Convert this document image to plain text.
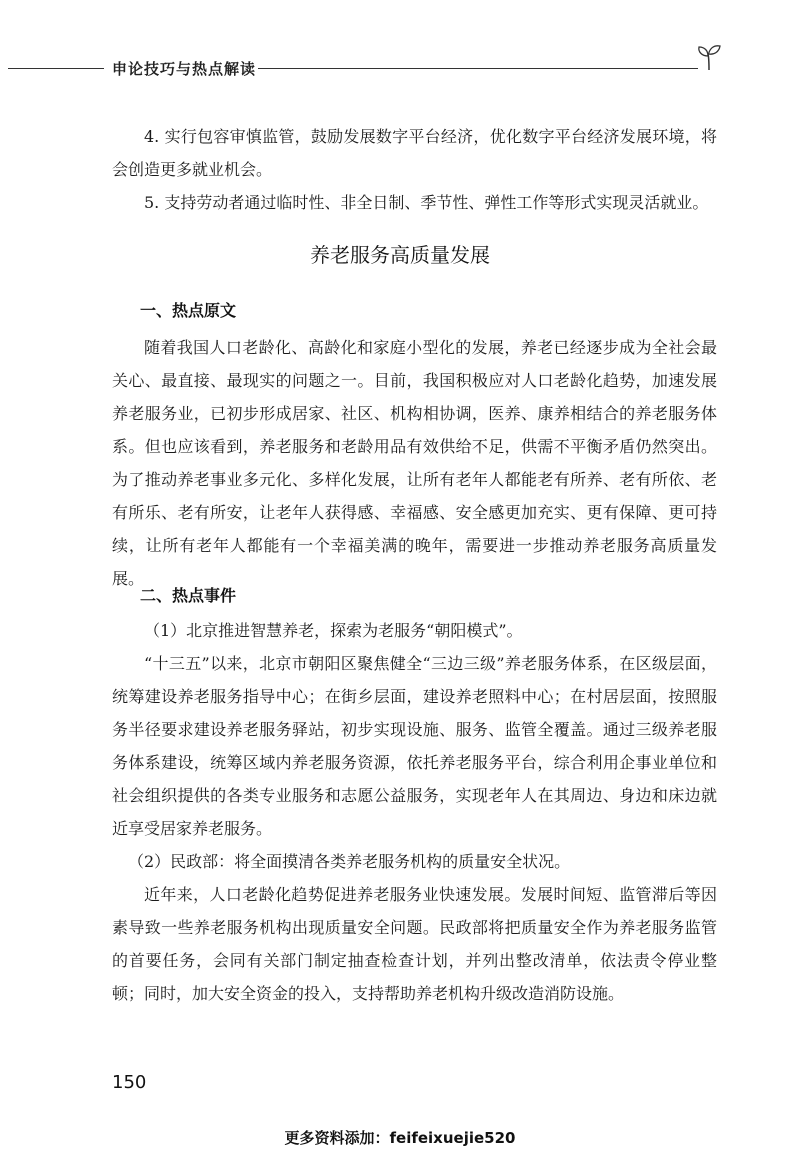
申论技巧与热点解读

4. 实行包容审慎监管，鼓励发展数字平台经济，优化数字平台经济发展环境，将会创造更多就业机会。

5. 支持劳动者通过临时性、非全日制、季节性、弹性工作等形式实现灵活就业。

养老服务高质量发展
一、热点原文

随着我国人口老龄化、高龄化和家庭小型化的发展，养老已经逐步成为全社会最关心、最直接、最现实的问题之一。目前，我国积极应对人口老龄化趋势，加速发展养老服务业，已初步形成居家、社区、机构相协调，医养、康养相结合的养老服务体系。但也应该看到，养老服务和老龄用品有效供给不足，供需不平衡矛盾仍然突出。为了推动养老事业多元化、多样化发展，让所有老年人都能老有所养、老有所依、老有所乐、老有所安，让老年人获得感、幸福感、安全感更加充实、更有保障、更可持续，让所有老年人都能有一个幸福美满的晚年，需要进一步推动养老服务高质量发展。

二、热点事件

（1）北京推进智慧养老，探索为老服务“朝阳模式”。

“十三五”以来，北京市朝阳区聚焦健全“三边三级”养老服务体系，在区级层面，统筹建设养老服务指导中心；在街乡层面，建设养老照料中心；在村居层面，按照服务半径要求建设养老服务驿站，初步实现设施、服务、监管全覆盖。通过三级养老服务体系建设，统筹区域内养老服务资源，依托养老服务平台，综合利用企事业单位和社会组织提供的各类专业服务和志愿公益服务，实现老年人在其周边、身边和床边就近享受居家养老服务。

（2）民政部：将全面摸清各类养老服务机构的质量安全状况。

近年来，人口老龄化趋势促进养老服务业快速发展。发展时间短、监管滞后等因素导致一些养老服务机构出现质量安全问题。民政部将把质量安全作为养老服务监管的首要任务，会同有关部门制定抽查检查计划，并列出整改清单，依法责令停业整顿；同时，加大安全资金的投入，支持帮助养老机构升级改造消防设施。

150
更多资料添加：feifeixuejie520
